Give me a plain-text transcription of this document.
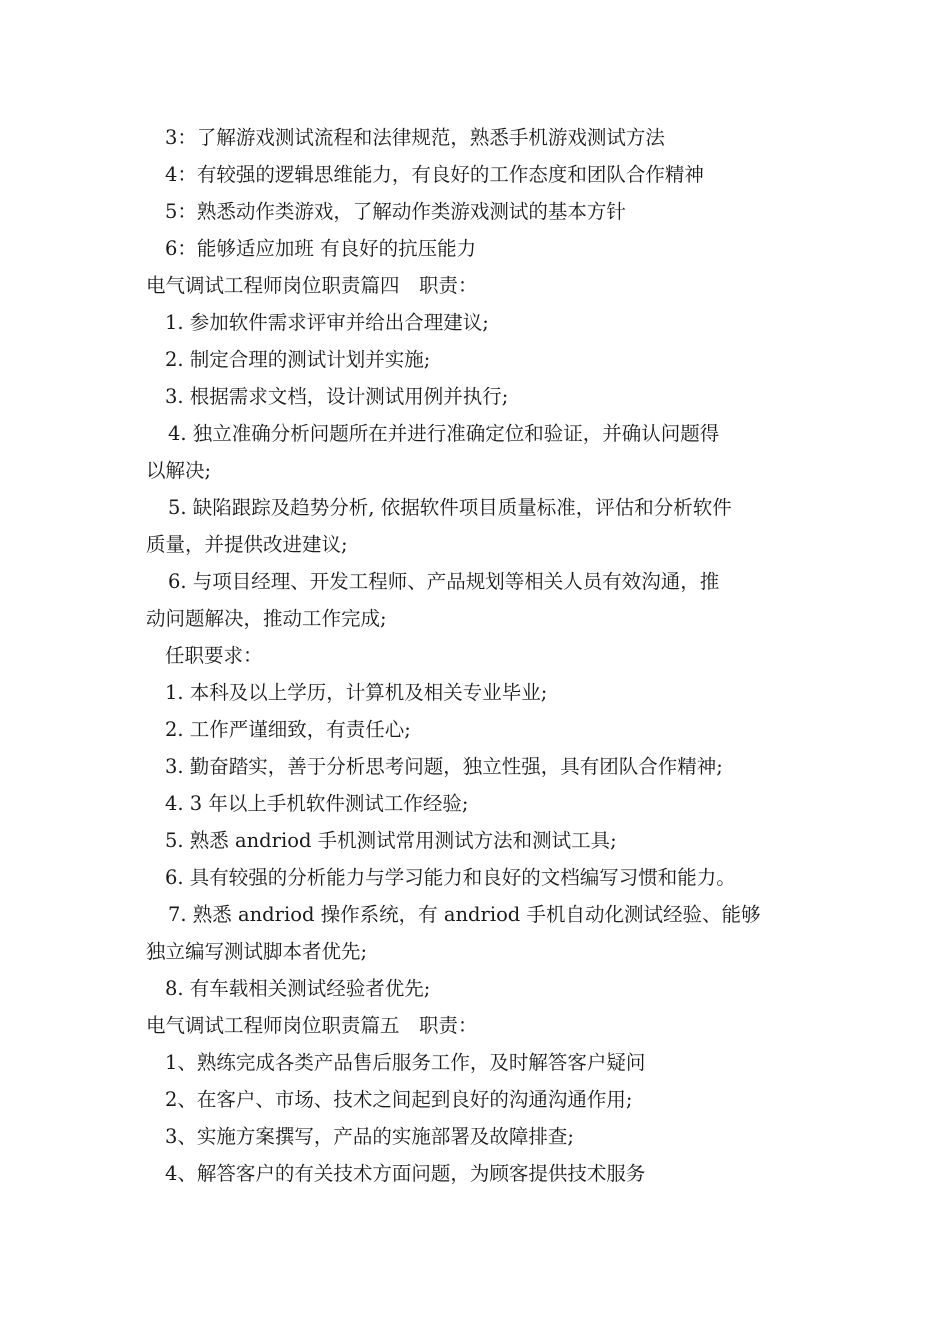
3：了解游戏测试流程和法律规范，熟悉手机游戏测试方法
4：有较强的逻辑思维能力，有良好的工作态度和团队合作精神
5：熟悉动作类游戏，了解动作类游戏测试的基本方针
6：能够适应加班 有良好的抗压能力
电气调试工程师岗位职责篇四　职责：
1. 参加软件需求评审并给出合理建议;
2. 制定合理的测试计划并实施;
3. 根据需求文档，设计测试用例并执行;
4. 独立准确分析问题所在并进行准确定位和验证，并确认问题得
以解决;
5. 缺陷跟踪及趋势分析, 依据软件项目质量标准，评估和分析软件
质量，并提供改进建议;
6. 与项目经理、开发工程师、产品规划等相关人员有效沟通，推
动问题解决，推动工作完成;
任职要求：
1. 本科及以上学历，计算机及相关专业毕业;
2. 工作严谨细致，有责任心;
3. 勤奋踏实，善于分析思考问题，独立性强，具有团队合作精神;
4. 3 年以上手机软件测试工作经验;
5. 熟悉 andriod 手机测试常用测试方法和测试工具;
6. 具有较强的分析能力与学习能力和良好的文档编写习惯和能力。
7. 熟悉 andriod 操作系统，有 andriod 手机自动化测试经验、能够
独立编写测试脚本者优先;
8. 有车载相关测试经验者优先;
电气调试工程师岗位职责篇五　职责：
1、熟练完成各类产品售后服务工作，及时解答客户疑问
2、在客户、市场、技术之间起到良好的沟通沟通作用;
3、实施方案撰写，产品的实施部署及故障排查;
4、解答客户的有关技术方面问题，为顾客提供技术服务
